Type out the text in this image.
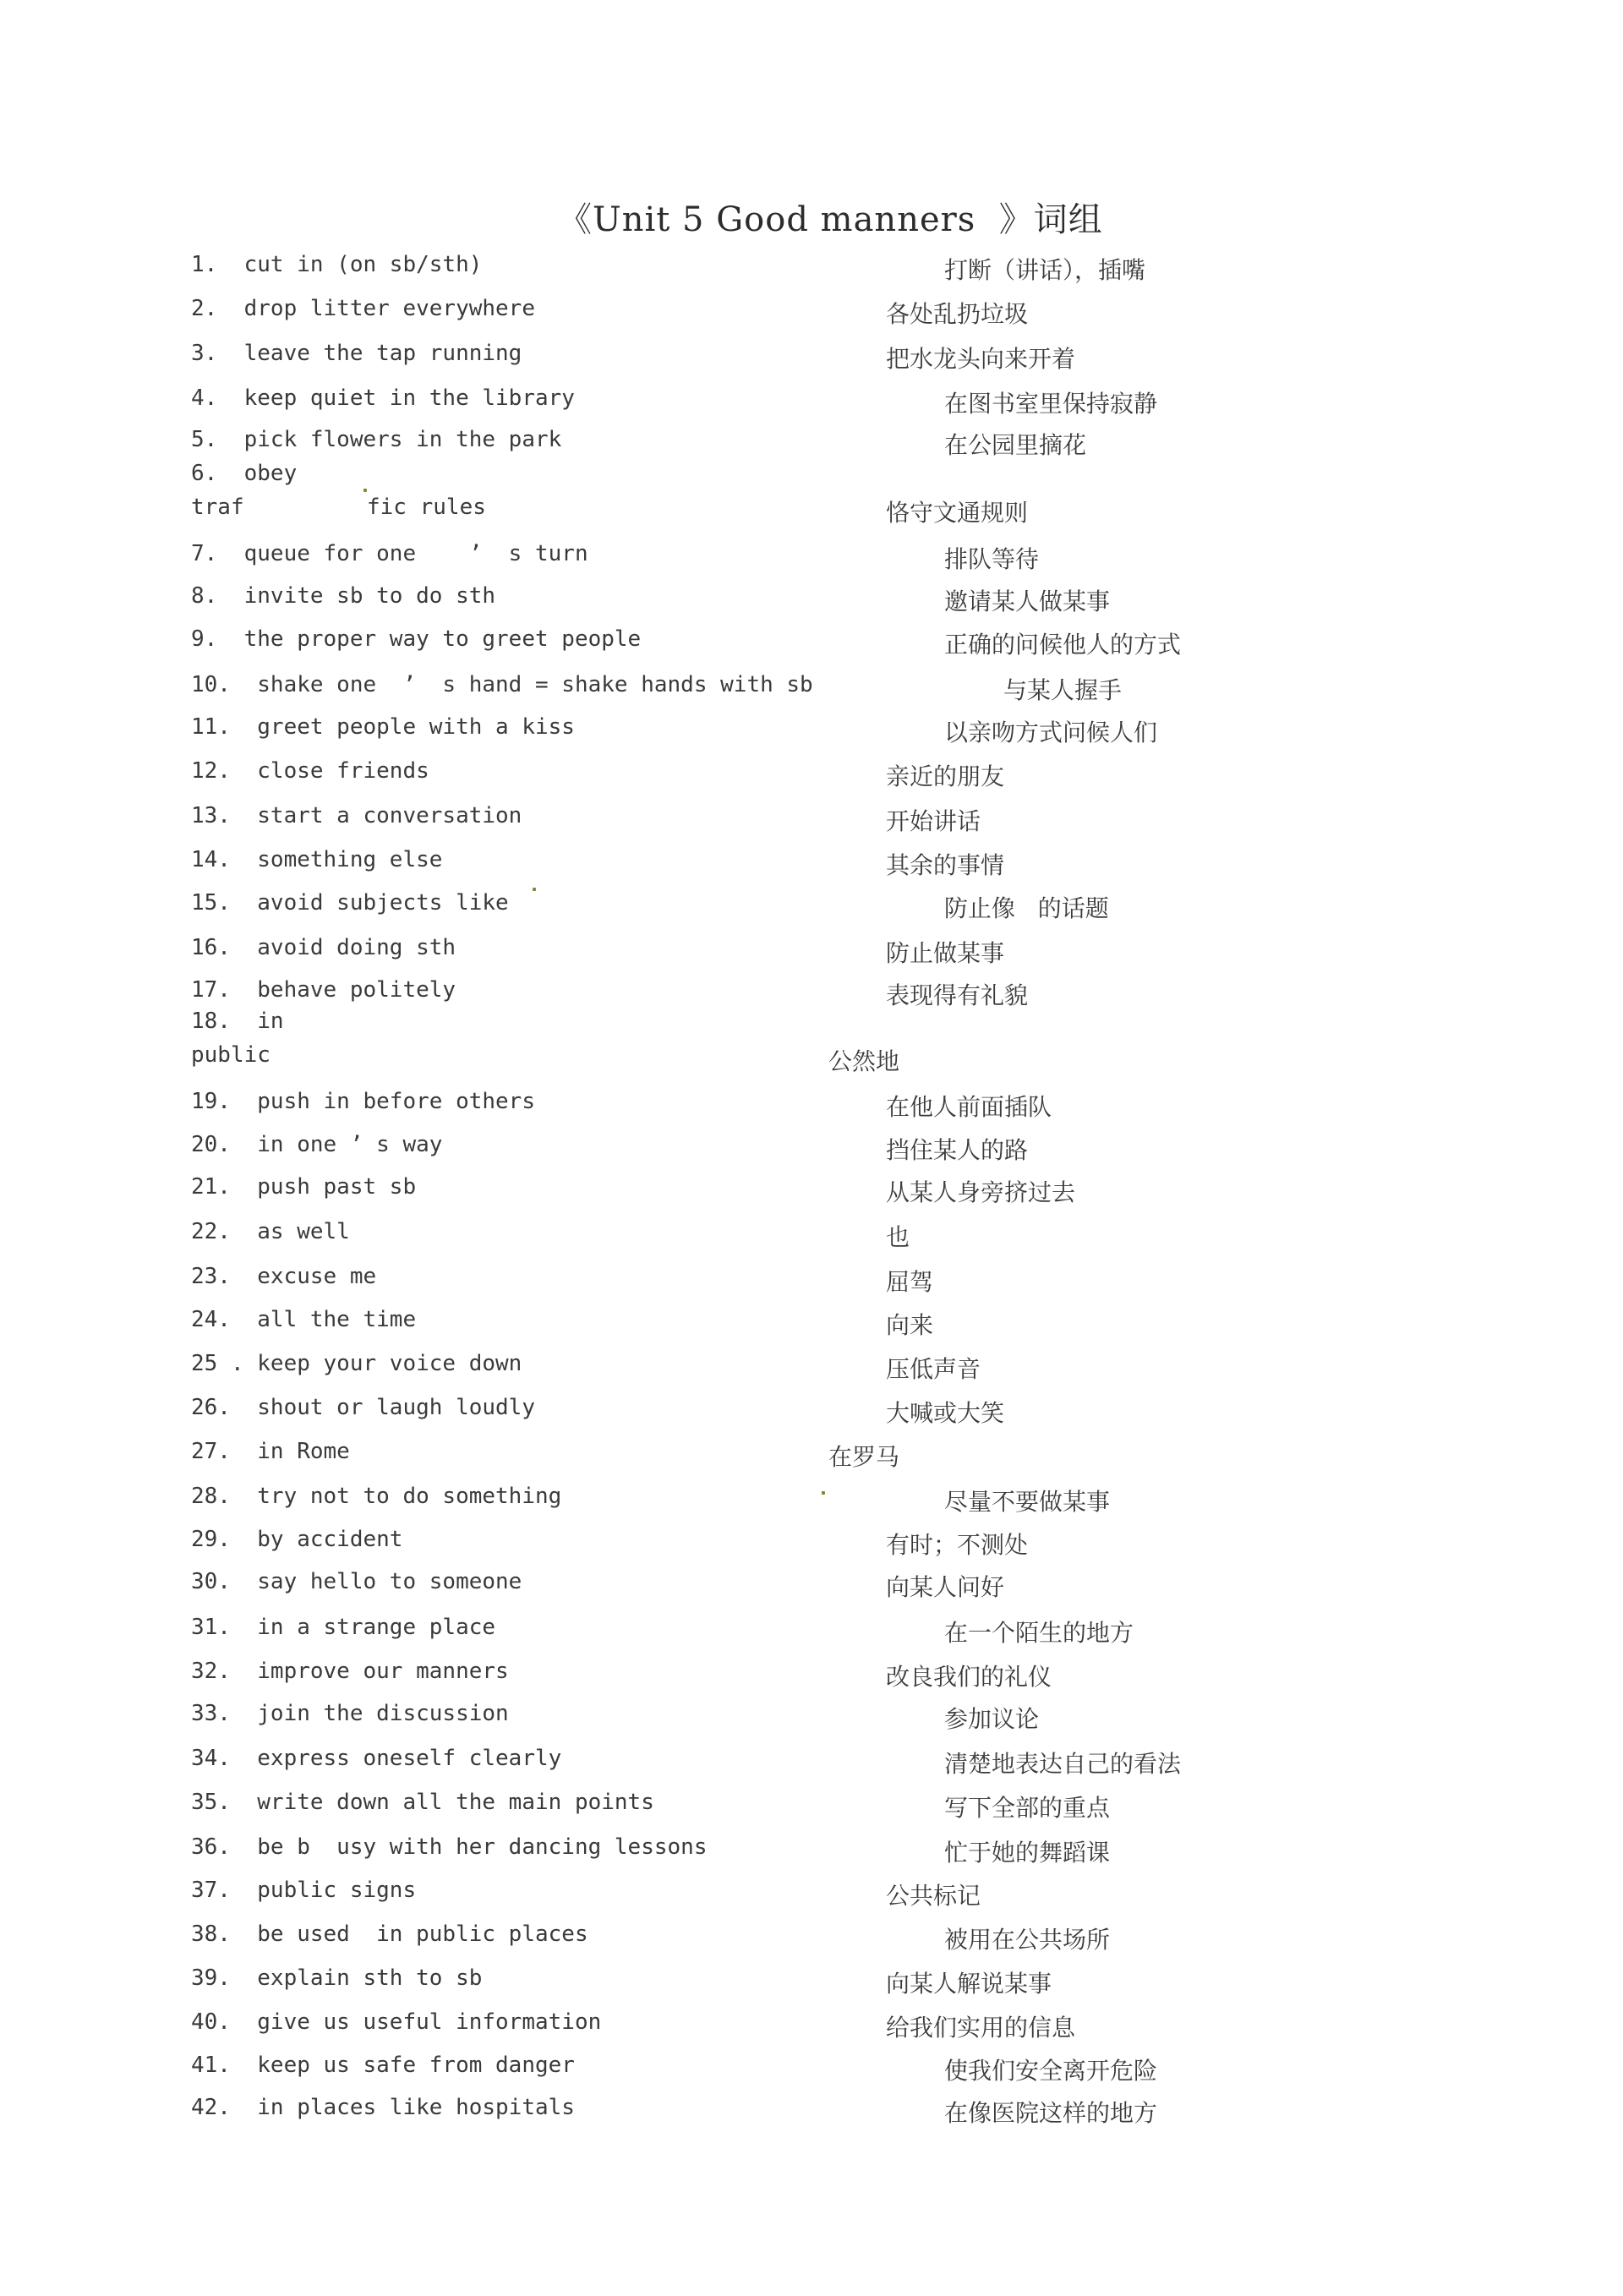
《Unit 5 Good manners  》词组
1.  cut in (on sb/sth)	打断（讲话），插嘴
2.  drop litter everywhere	各处乱扔垃圾
3.  leave the tap running	把水龙头向来开着
4.  keep quiet in the library	在图书室里保持寂静
5.  pick flowers in the park	在公园里摘花
6.  obey
traf	fic rules	恪守文通规则
7.  queue for one    ’  s turn	排队等待
8.  invite sb to do sth	邀请某人做某事
9.  the proper way to greet people	正确的问候他人的方式
10.  shake one  ’  s hand = shake hands with sb	与某人握手
11.  greet people with a kiss	以亲吻方式问候人们
12.  close friends	亲近的朋友
13.  start a conversation	开始讲话
14.  something else	其余的事情
15.  avoid subjects like	防止像   的话题
16.  avoid doing sth	防止做某事
17.  behave politely	表现得有礼貌
18.  in
public	公然地
19.  push in before others	在他人前面插队
20.  in one ’ s way	挡住某人的路
21.  push past sb	从某人身旁挤过去
22.  as well	也
23.  excuse me	屈驾
24.  all the time	向来
25 . keep your voice down	压低声音
26.  shout or laugh loudly	大喊或大笑
27.  in Rome	在罗马
28.  try not to do something	尽量不要做某事
29.  by accident	有时；不测处
30.  say hello to someone	向某人问好
31.  in a strange place	在一个陌生的地方
32.  improve our manners	改良我们的礼仪
33.  join the discussion	参加议论
34.  express oneself clearly	清楚地表达自己的看法
35.  write down all the main points	写下全部的重点
36.  be b  usy with her dancing lessons	忙于她的舞蹈课
37.  public signs	公共标记
38.  be used  in public places	被用在公共场所
39.  explain sth to sb	向某人解说某事
40.  give us useful information	给我们实用的信息
41.  keep us safe from danger	使我们安全离开危险
42.  in places like hospitals	在像医院这样的地方
